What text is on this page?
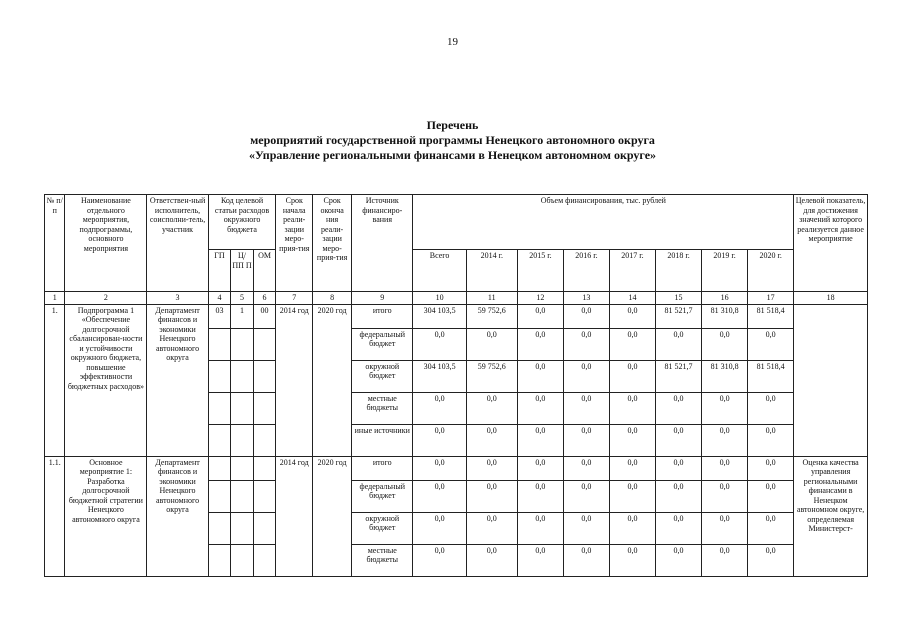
19
Перечень
мероприятий государственной программы Ненецкого автономного округа
«Управление региональными финансами в Ненецком автономном округе»
№ п/п	Наименование отдельного мероприятия, подпрограммы, основного мероприятия	Ответствен-ный исполнитель, соисполни-тель, участник	Код целевой статьи расходов окружного бюджета			Срок начала реали-зации меро-прия-тия	Срок оконча ния реали-зации меро-прия-тия	Источник финансиро-вания	Объем финансирования, тыс. рублей								Целевой показатель, для достижения значений которого реализуется данное мероприятие
			ГП	Ц/ПП П	ОМ				Всего	2014 г.	2015 г.	2016 г.	2017 г.	2018 г.	2019 г.	2020 г.	
1	2	3	4	5	6	7	8	9	10	11	12	13	14	15	16	17	18
1.	Подпрограмма 1 «Обеспечение долгосрочной сбалансирован-ности и устойчивости окружного бюджета, повышение эффективности бюджетных расходов»	Департамент финансов и экономики Ненецкого автономного округа	03	1	00	2014 год	2020 год	итого	304 103,5	59 752,6	0,0	0,0	0,0	81 521,7	81 310,8	81 518,4	
								федеральный бюджет	0,0	0,0	0,0	0,0	0,0	0,0	0,0	0,0	
								окружной бюджет	304 103,5	59 752,6	0,0	0,0	0,0	81 521,7	81 310,8	81 518,4	
								местные бюджеты	0,0	0,0	0,0	0,0	0,0	0,0	0,0	0,0	
								иные источники	0,0	0,0	0,0	0,0	0,0	0,0	0,0	0,0	
1.1.	Основное мероприятие 1: Разработка долгосрочной бюджетной стратегии Ненецкого автономного округа	Департамент финансов и экономики Ненецкого автономного округа				2014 год	2020 год	итого	0,0	0,0	0,0	0,0	0,0	0,0	0,0	0,0	Оценка качества управления региональными финансами в Ненецком автономном округе, определяемая Министерст-
								федеральный бюджет	0,0	0,0	0,0	0,0	0,0	0,0	0,0	0,0	
								окружной бюджет	0,0	0,0	0,0	0,0	0,0	0,0	0,0	0,0	
								местные бюджеты	0,0	0,0	0,0	0,0	0,0	0,0	0,0	0,0	
